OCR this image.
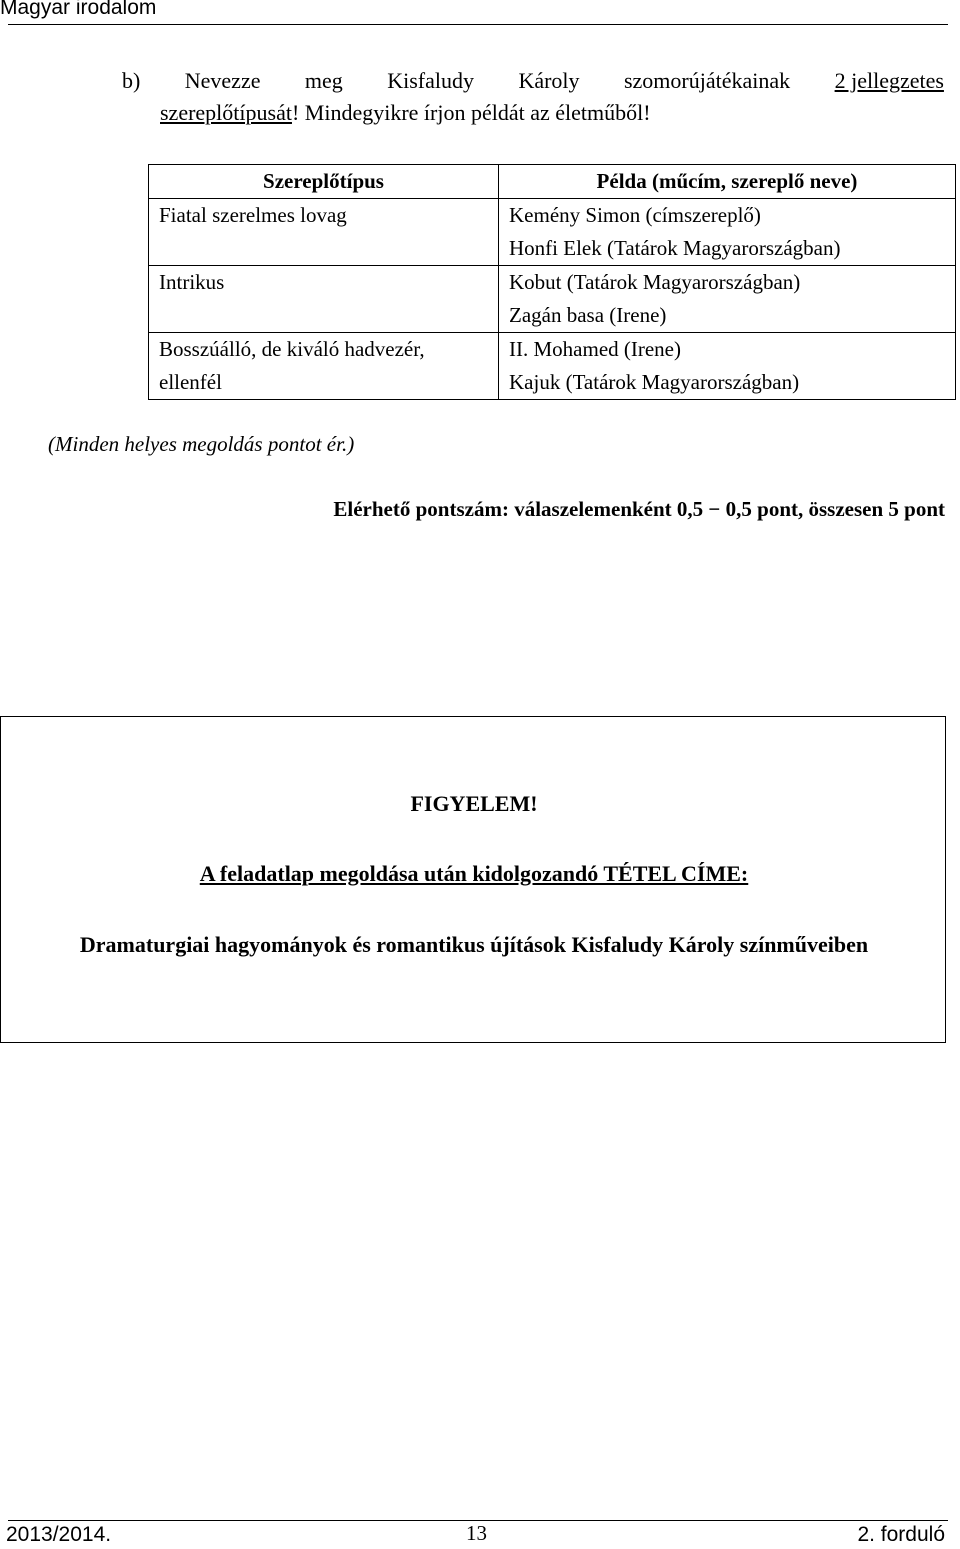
Magyar irodalom
b) Nevezze meg Kisfaludy Károly szomorújátékainak 2 jellegzetes
szereplőtípusát! Mindegyikre írjon példát az életműből!
Szereplőtípus	Példa (műcím, szereplő neve)
Fiatal szerelmes lovag	Kemény Simon (címszereplő)
Honfi Elek (Tatárok Magyarországban)

Intrikus	Kobut (Tatárok Magyarországban)
Zagán basa (Irene)

Bosszúálló, de kiváló hadvezér, ellenfél	II. Mohamed (Irene)
Kajuk (Tatárok Magyarországban)
(Minden helyes megoldás pontot ér.)
Elérhető pontszám: válaszelemenként 0,5 − 0,5 pont, összesen 5 pont
FIGYELEM!
A feladatlap megoldása után kidolgozandó TÉTEL CÍME:
Dramaturgiai hagyományok és romantikus újítások Kisfaludy Károly színműveiben
2013/2014.	13	2. forduló
